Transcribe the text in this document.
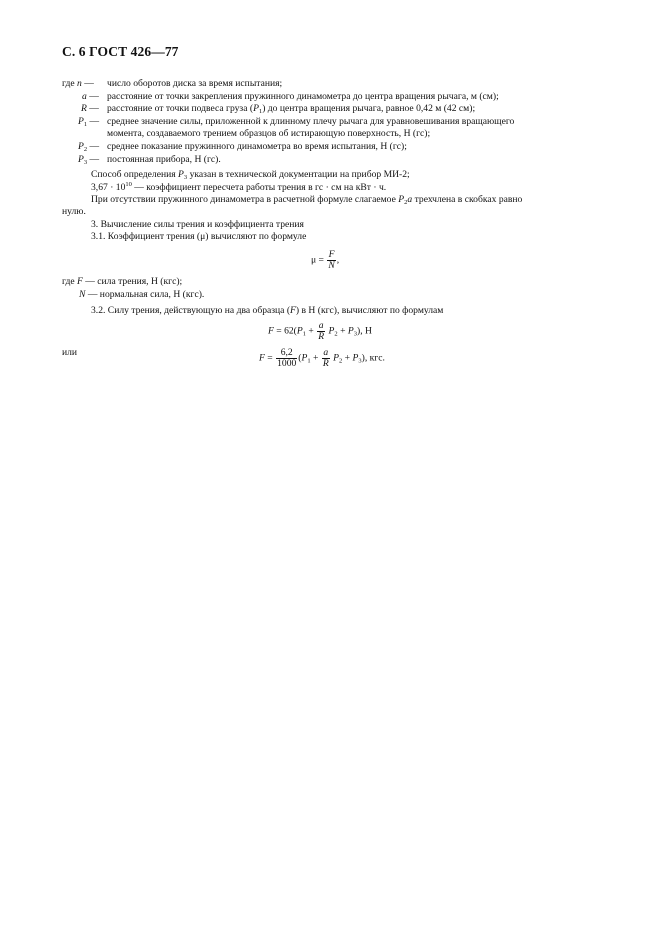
С. 6 ГОСТ 426—77
где n — число оборотов диска за время испытания;
a — расстояние от точки закрепления пружинного динамометра до центра вращения рычага, м (см);
R — расстояние от точки подвеса груза $(P_1)$ до центра вращения рычага, равное 0,42 м (42 см);
$P_1$ — среднее значение силы, приложенной к длинному плечу рычага для уравновешивания вращающего
момента, создаваемого трением образцов об истирающую поверхность, Н (гс);
$P_2$ — среднее показание пружинного динамометра во время испытания, Н (гс);
$P_3$ — постоянная прибора, Н (гс).
Способ определения $P_3$ указан в технической документации на прибор МИ-2;
$3,67 \cdot 10^{10}$ — коэффициент пересчета работы трения в гс · см на кВт · ч.
При отсутствии пружинного динамометра в расчетной формуле слагаемое $P_2a$ трехчлена в скобках равно
нулю.
3. Вычисление силы трения и коэффициента трения
3.1. Коэффициент трения (μ) вычисляют по формуле
$\mu = \frac{F}{N}$ ,
где F — сила трения, Н (кгс);
N — нормальная сила, Н (кгс).
3.2. Силу трения, действующую на два образца (F) в Н (кгс), вычисляют по формулам
$F = 62(P_1 + \frac{a}{R} P_2 + P_3)$, Н
или
$F = \frac{6,2}{1000} (P_1 + \frac{a}{R} P_2 + P_3)$, кгс.
